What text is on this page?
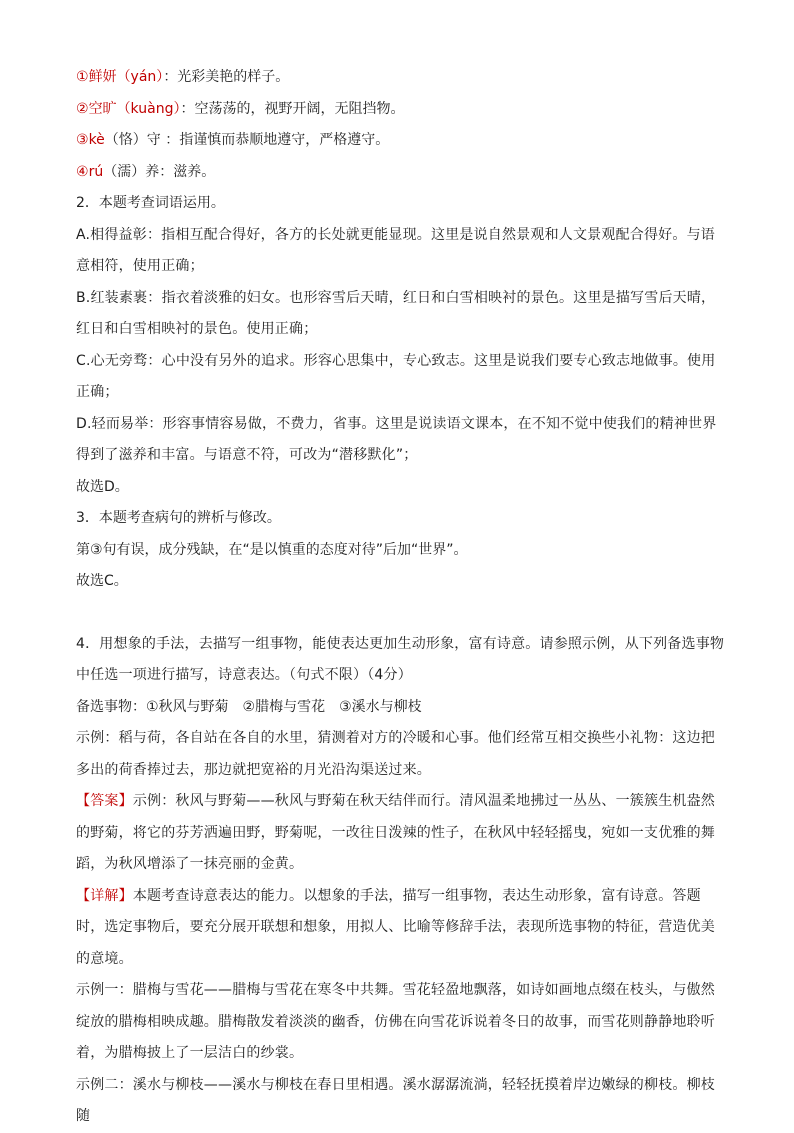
①鲜妍（yán）：光彩美艳的样子。
②空旷（kuàng）：空荡荡的，视野开阔，无阻挡物。
③kè（恪）守 ：指谨慎而恭顺地遵守，严格遵守。
④rú（濡）养：滋养。
2．本题考查词语运用。
A.相得益彰：指相互配合得好，各方的长处就更能显现。这里是说自然景观和人文景观配合得好。与语意相符，使用正确；
B.红装素裹：指衣着淡雅的妇女。也形容雪后天晴，红日和白雪相映衬的景色。这里是描写雪后天晴，红日和白雪相映衬的景色。使用正确；
C.心无旁骛：心中没有另外的追求。形容心思集中，专心致志。这里是说我们要专心致志地做事。使用正确；
D.轻而易举：形容事情容易做，不费力，省事。这里是说读语文课本，在不知不觉中使我们的精神世界得到了滋养和丰富。与语意不符，可改为“潜移默化”；
故选D。
3．本题考查病句的辨析与修改。
第③句有误，成分残缺，在“是以慎重的态度对待”后加“世界”。
故选C。
4．用想象的手法，去描写一组事物，能使表达更加生动形象，富有诗意。请参照示例，从下列备选事物中任选一项进行描写，诗意表达。（句式不限）（4分）
备选事物：①秋风与野菊　②腊梅与雪花　③溪水与柳枝
示例：稻与荷，各自站在各自的水里，猜测着对方的冷暖和心事。他们经常互相交换些小礼物：这边把多出的荷香捧过去，那边就把宽裕的月光沿沟渠送过来。
【答案】示例：秋风与野菊——秋风与野菊在秋天结伴而行。清风温柔地拂过一丛丛、一簇簇生机盎然的野菊，将它的芬芳洒遍田野，野菊呢，一改往日泼辣的性子，在秋风中轻轻摇曳，宛如一支优雅的舞蹈，为秋风增添了一抹亮丽的金黄。
【详解】本题考查诗意表达的能力。以想象的手法，描写一组事物，表达生动形象，富有诗意。答题时，选定事物后，要充分展开联想和想象，用拟人、比喻等修辞手法，表现所选事物的特征，营造优美的意境。
示例一：腊梅与雪花——腊梅与雪花在寒冬中共舞。雪花轻盈地飘落，如诗如画地点缀在枝头，与傲然绽放的腊梅相映成趣。腊梅散发着淡淡的幽香，仿佛在向雪花诉说着冬日的故事，而雪花则静静地聆听着，为腊梅披上了一层洁白的纱裳。
示例二：溪水与柳枝——溪水与柳枝在春日里相遇。溪水潺潺流淌，轻轻抚摸着岸边嫩绿的柳枝。柳枝随
